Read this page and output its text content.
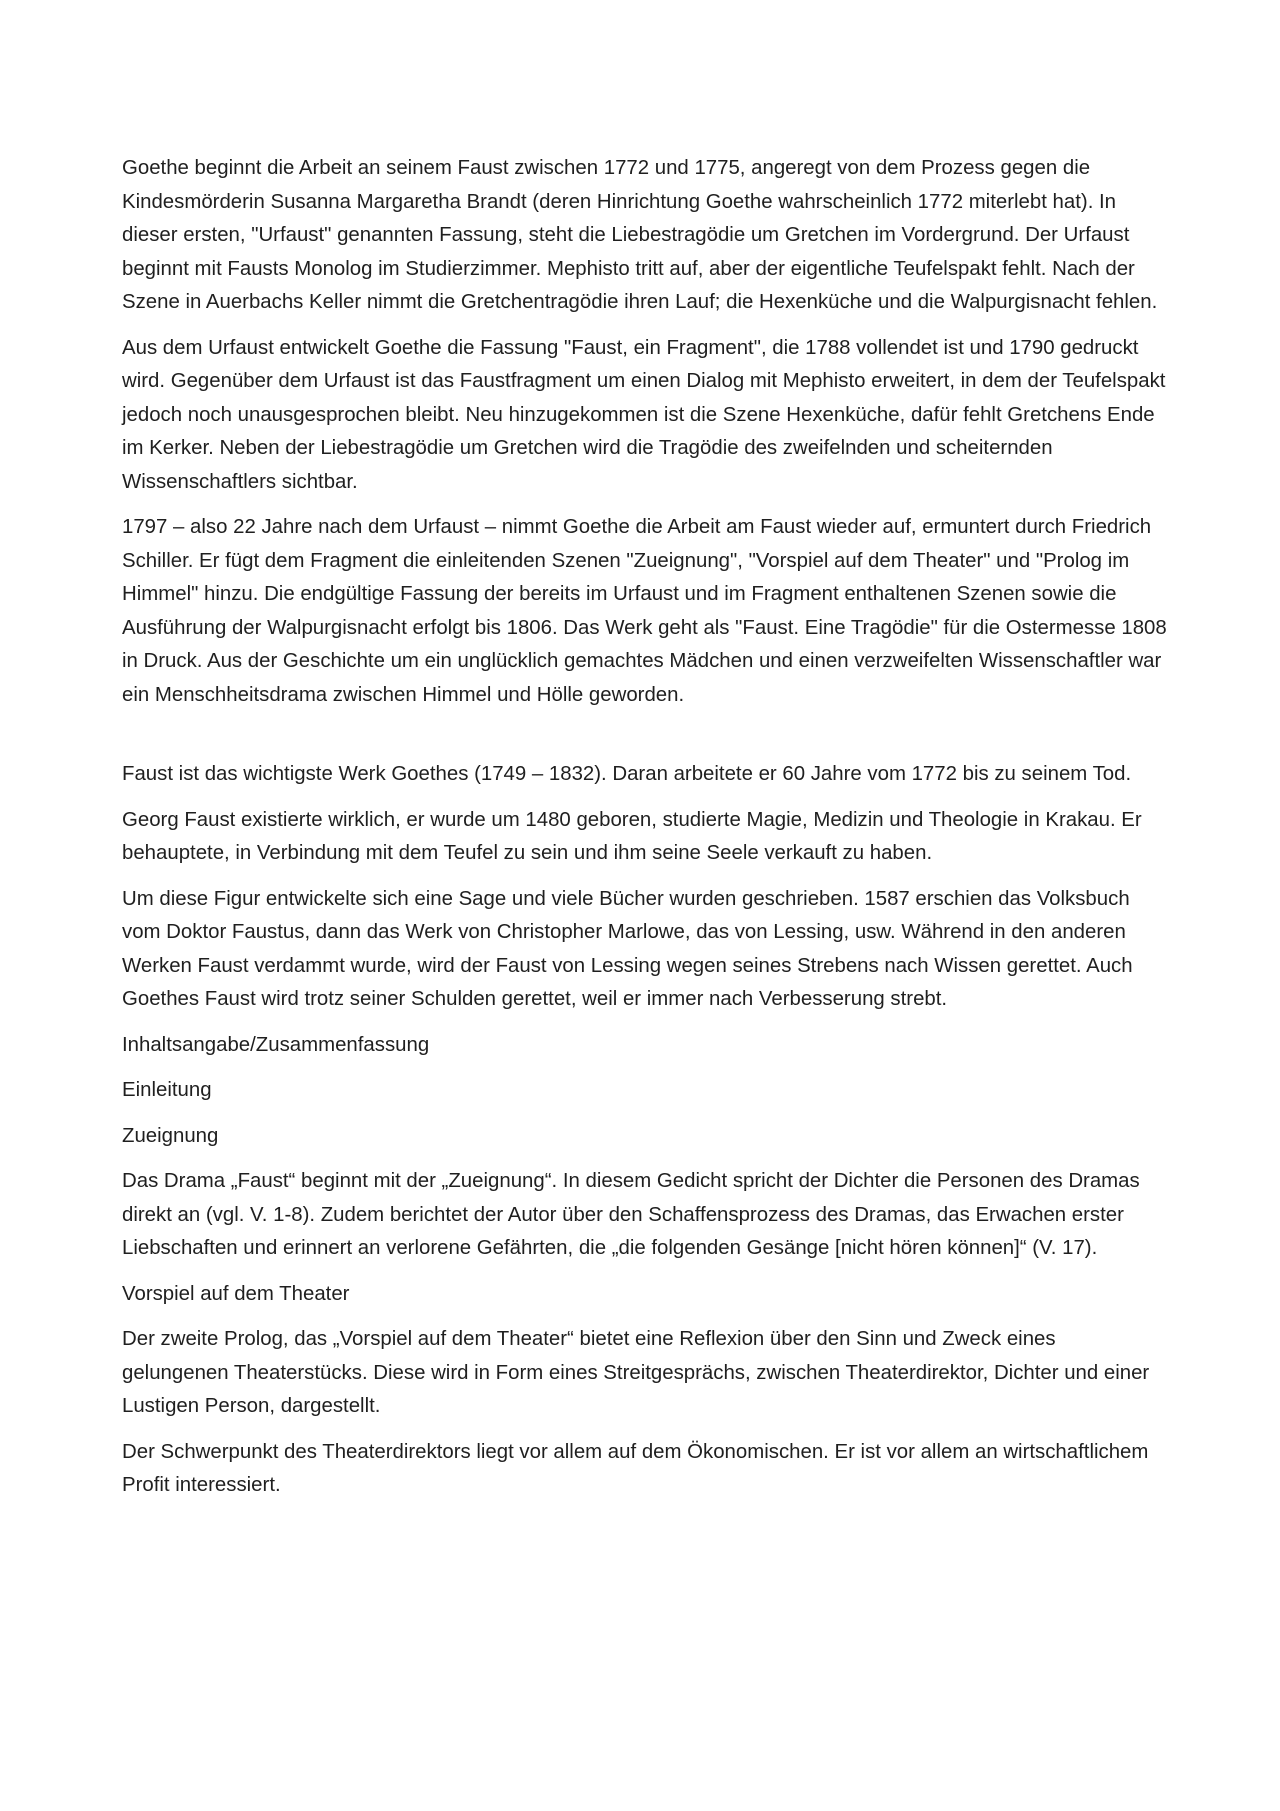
Goethe beginnt die Arbeit an seinem Faust zwischen 1772 und 1775, angeregt von dem Prozess gegen die Kindesmörderin Susanna Margaretha Brandt (deren Hinrichtung Goethe wahrscheinlich 1772 miterlebt hat). In dieser ersten, "Urfaust" genannten Fassung, steht die Liebestragödie um Gretchen im Vordergrund. Der Urfaust beginnt mit Fausts Monolog im Studierzimmer. Mephisto tritt auf, aber der eigentliche Teufelspakt fehlt. Nach der Szene in Auerbachs Keller nimmt die Gretchentragödie ihren Lauf; die Hexenküche und die Walpurgisnacht fehlen.

Aus dem Urfaust entwickelt Goethe die Fassung "Faust, ein Fragment", die 1788 vollendet ist und 1790 gedruckt wird. Gegenüber dem Urfaust ist das Faustfragment um einen Dialog mit Mephisto erweitert, in dem der Teufelspakt jedoch noch unausgesprochen bleibt. Neu hinzugekommen ist die Szene Hexenküche, dafür fehlt Gretchens Ende im Kerker. Neben der Liebestragödie um Gretchen wird die Tragödie des zweifelnden und scheiternden Wissenschaftlers sichtbar.

1797 – also 22 Jahre nach dem Urfaust – nimmt Goethe die Arbeit am Faust wieder auf, ermuntert durch Friedrich Schiller. Er fügt dem Fragment die einleitenden Szenen "Zueignung", "Vorspiel auf dem Theater" und "Prolog im Himmel" hinzu. Die endgültige Fassung der bereits im Urfaust und im Fragment enthaltenen Szenen sowie die Ausführung der Walpurgisnacht erfolgt bis 1806. Das Werk geht als "Faust. Eine Tragödie" für die Ostermesse 1808 in Druck. Aus der Geschichte um ein unglücklich gemachtes Mädchen und einen verzweifelten Wissenschaftler war ein Menschheitsdrama zwischen Himmel und Hölle geworden.

Faust ist das wichtigste Werk Goethes (1749 – 1832). Daran arbeitete er 60 Jahre vom 1772 bis zu seinem Tod.

Georg Faust existierte wirklich, er wurde um 1480 geboren, studierte Magie, Medizin und Theologie in Krakau. Er behauptete, in Verbindung mit dem Teufel zu sein und ihm seine Seele verkauft zu haben.

Um diese Figur entwickelte sich eine Sage und viele Bücher wurden geschrieben. 1587 erschien das Volksbuch vom Doktor Faustus, dann das Werk von Christopher Marlowe, das von Lessing, usw. Während in den anderen Werken Faust verdammt wurde, wird der Faust von Lessing wegen seines Strebens nach Wissen gerettet. Auch Goethes Faust wird trotz seiner Schulden gerettet, weil er immer nach Verbesserung strebt.

Inhaltsangabe/Zusammenfassung

Einleitung

Zueignung

Das Drama „Faust“ beginnt mit der „Zueignung“. In diesem Gedicht spricht der Dichter die Personen des Dramas direkt an (vgl. V. 1-8). Zudem berichtet der Autor über den Schaffensprozess des Dramas, das Erwachen erster Liebschaften und erinnert an verlorene Gefährten, die „die folgenden Gesänge [nicht hören können]“ (V. 17).

Vorspiel auf dem Theater

Der zweite Prolog, das „Vorspiel auf dem Theater“ bietet eine Reflexion über den Sinn und Zweck eines gelungenen Theaterstücks. Diese wird in Form eines Streitgesprächs, zwischen Theaterdirektor, Dichter und einer Lustigen Person, dargestellt.

Der Schwerpunkt des Theaterdirektors liegt vor allem auf dem Ökonomischen. Er ist vor allem an wirtschaftlichem Profit interessiert.
